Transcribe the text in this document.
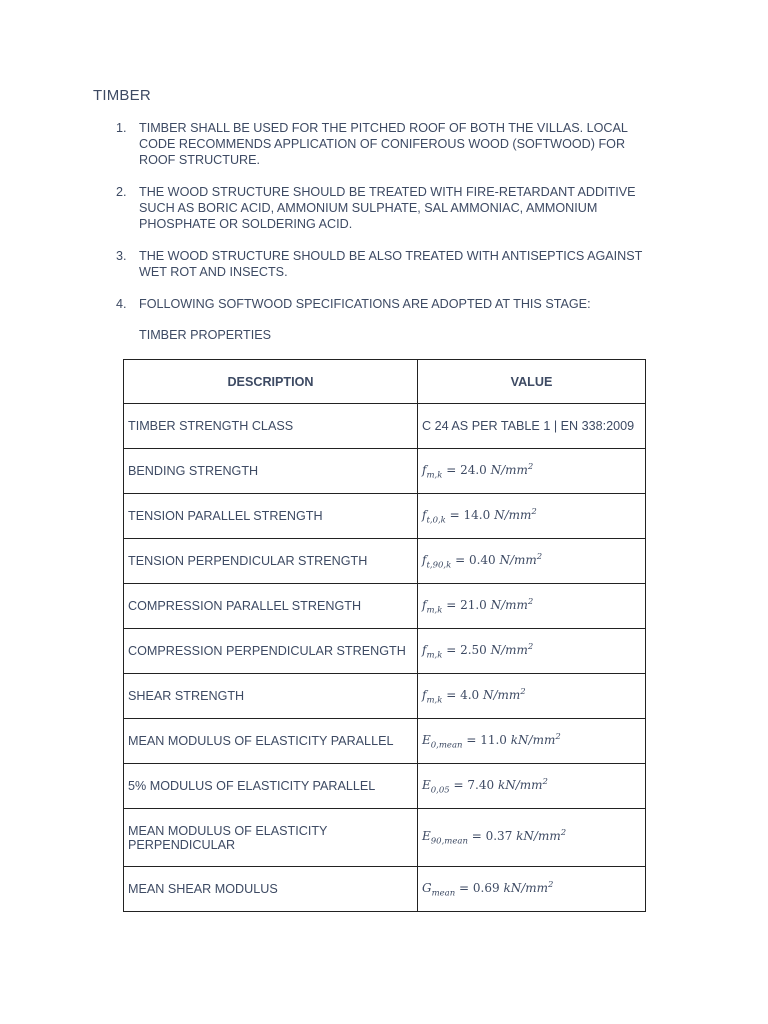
TIMBER
1. TIMBER SHALL BE USED FOR THE PITCHED ROOF OF BOTH THE VILLAS. LOCAL CODE RECOMMENDS APPLICATION OF CONIFEROUS WOOD (SOFTWOOD) FOR ROOF STRUCTURE.
2. THE WOOD STRUCTURE SHOULD BE TREATED WITH FIRE-RETARDANT ADDITIVE SUCH AS BORIC ACID, AMMONIUM SULPHATE, SAL AMMONIAC, AMMONIUM PHOSPHATE OR SOLDERING ACID.
3. THE WOOD STRUCTURE SHOULD BE ALSO TREATED WITH ANTISEPTICS AGAINST WET ROT AND INSECTS.
4. FOLLOWING SOFTWOOD SPECIFICATIONS ARE ADOPTED AT THIS STAGE:
TIMBER PROPERTIES
DESCRIPTION	VALUE
TIMBER STRENGTH CLASS	C 24 AS PER TABLE 1 | EN 338:2009
BENDING STRENGTH	$f_{m,k} = 24.0$ $N/mm^2$
TENSION PARALLEL STRENGTH	$f_{t,0,k} = 14.0$ $N/mm^2$
TENSION PERPENDICULAR STRENGTH	$f_{t,90,k} = 0.40$ $N/mm^2$
COMPRESSION PARALLEL STRENGTH	$f_{m,k} = 21.0$ $N/mm^2$
COMPRESSION PERPENDICULAR STRENGTH	$f_{m,k} = 2.50$ $N/mm^2$
SHEAR STRENGTH	$f_{m,k} = 4.0$ $N/mm^2$
MEAN MODULUS OF ELASTICITY PARALLEL	$E_{0,mean} = 11.0$ $kN/mm^2$
5% MODULUS OF ELASTICITY PARALLEL	$E_{0,05} = 7.40$ $kN/mm^2$
MEAN MODULUS OF ELASTICITY PERPENDICULAR	$E_{90,mean} = 0.37$ $kN/mm^2$
MEAN SHEAR MODULUS	$G_{mean} = 0.69$ $kN/mm^2$
